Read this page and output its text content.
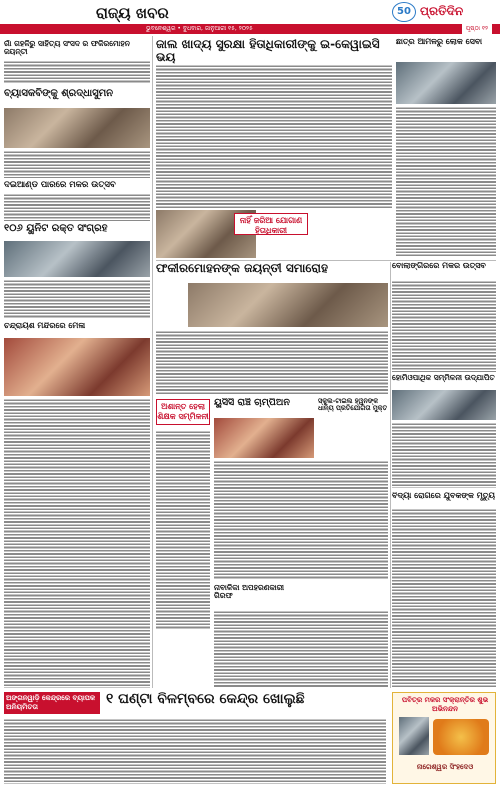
ରାଜ୍ୟ ଖବର	50 ପ୍ରତିଦିନ
ଭୁବନେଶ୍ୱର • ବୁଧବାର, ଜାନୁଆରୀ ୧୫, ୨୦୨୫	ପୃଷ୍ଠା ୧୨
ଗାଁ ଗହଳିରୁ ସାହିତ୍ୟ ସଂସଦ ର ଫକିରମୋହନ ଜୟନ୍ତୀ
ବ୍ୟାସକବିଙ୍କୁ ଶ୍ରଦ୍ଧାସୁମନ
ଦଇଆଣ୍ଡି ପାରରେ ମକର ଉତ୍ସବ
୧୦୬ ୟୁନିଟ ରକ୍ତ ସଂଗ୍ରହ
ଚନ୍ଦ୍ରାୟଶ ମନ୍ଦିରରେ ମେଳା
ଜାଲ ଖାଦ୍ୟ ସୁରକ୍ଷା ହିତାଧିକାରୀଙ୍କୁ ଇ-କେୱାଇସି ଭୟ
ନାହିଁ ଜରିଆ ଯୋଗାଣ ହିତାଧିକାରୀ
ଛାତ୍ର ଆମଳରୁ ଲୋକ ସେବା
ଫକୀରମୋହନଙ୍କ ଜୟନ୍ତୀ ସମାରୋହ	ବୋଲାଙ୍ଗିରରେ ମକର ଉତ୍ସବ
ହୋମିଓପାଥିକ ସମ୍ମିଳନୀ ଉଦ୍ଯାପିତ
ବିଦ୍ୟା ରୋଗରେ ଯୁବକଙ୍କ ମୃତ୍ୟୁ
ଅଶାନ୍ତ ହେଲା ଶିକ୍ଷକ ସମ୍ମିଳନୀ
ୟୁସିସି ରାଞ୍ଚି ଚାମ୍ପିଅନ	ସ୍କୁଲ-ଟାଇଲ ହ୍ୱିନଙ୍କ ଧାନ୍ୟ ପ୍ରତିଯୋଗିତା ମୁକ୍ତ
ନାବାଳିକା ଅପହରଣକାରୀ ଗିରଫ
ଅଙ୍ଗନୱାଡ଼ି କେନ୍ଦ୍ରରେ ବ୍ୟାପକ ଅନିୟମିତତା	୧ ଘଣ୍ଟା ବିଳମ୍ବରେ କେନ୍ଦ୍ର ଖୋଲୁଛି	ପବିତ୍ର ମକର ସଂକ୍ରାନ୍ତିର ଶୁଭ ଅଭିନନ୍ଦନ
ନାଗେଶ୍ୱର ସିଂହଦେଓ
